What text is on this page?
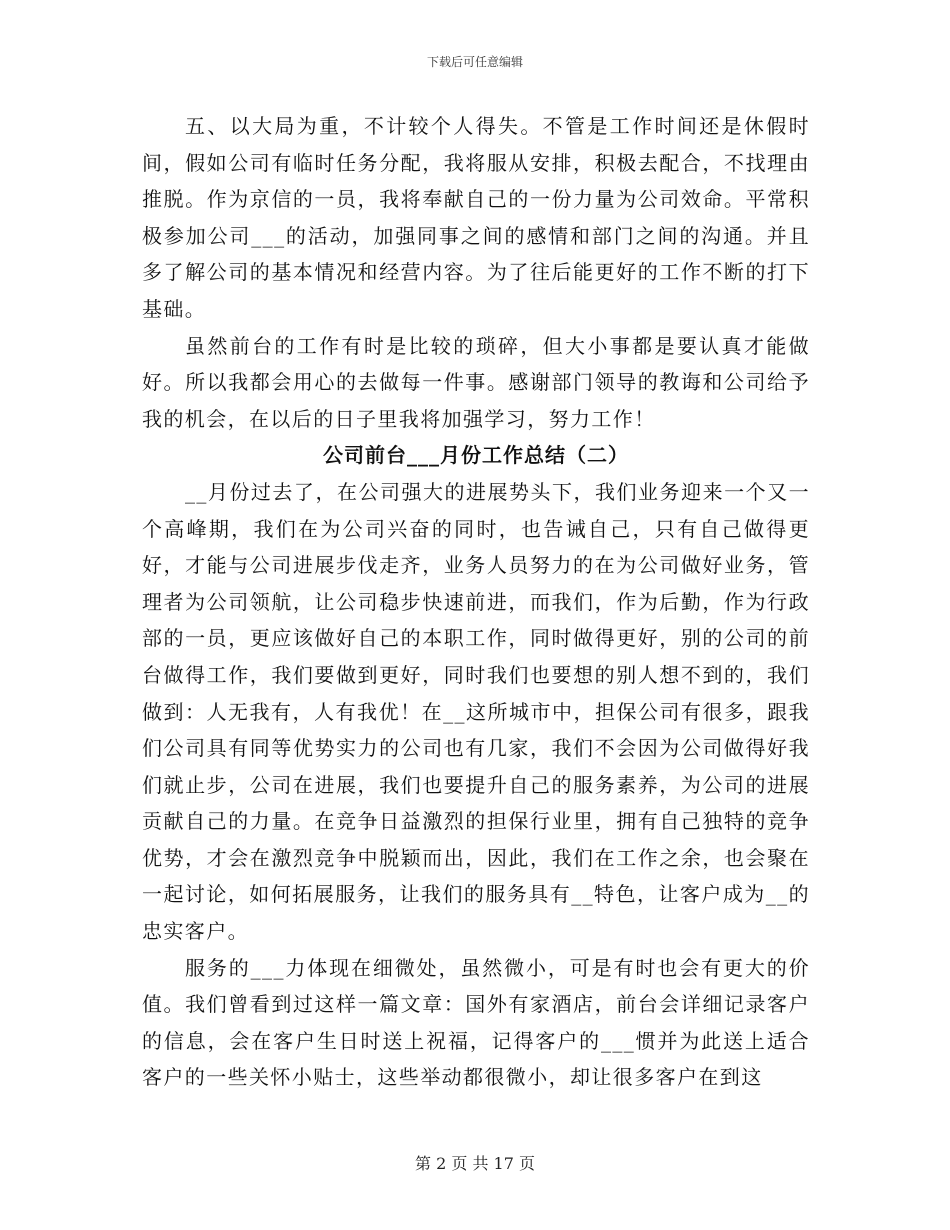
下载后可任意编辑

五、以大局为重，不计较个人得失。不管是工作时间还是休假时间，假如公司有临时任务分配，我将服从安排，积极去配合，不找理由推脱。作为京信的一员，我将奉献自己的一份力量为公司效命。平常积极参加公司___的活动，加强同事之间的感情和部门之间的沟通。并且多了解公司的基本情况和经营内容。为了往后能更好的工作不断的打下基础。

虽然前台的工作有时是比较的琐碎，但大小事都是要认真才能做好。所以我都会用心的去做每一件事。感谢部门领导的教诲和公司给予我的机会，在以后的日子里我将加强学习，努力工作！

公司前台___月份工作总结（二）

__月份过去了，在公司强大的进展势头下，我们业务迎来一个又一个高峰期，我们在为公司兴奋的同时，也告诫自己，只有自己做得更好，才能与公司进展步伐走齐，业务人员努力的在为公司做好业务，管理者为公司领航，让公司稳步快速前进，而我们，作为后勤，作为行政部的一员，更应该做好自己的本职工作，同时做得更好，别的公司的前台做得工作，我们要做到更好，同时我们也要想的别人想不到的，我们做到：人无我有，人有我优！在__这所城市中，担保公司有很多，跟我们公司具有同等优势实力的公司也有几家，我们不会因为公司做得好我们就止步，公司在进展，我们也要提升自己的服务素养，为公司的进展贡献自己的力量。在竞争日益激烈的担保行业里，拥有自己独特的竞争优势，才会在激烈竞争中脱颖而出，因此，我们在工作之余，也会聚在一起讨论，如何拓展服务，让我们的服务具有__特色，让客户成为__的忠实客户。

服务的___力体现在细微处，虽然微小，可是有时也会有更大的价值。我们曾看到过这样一篇文章：国外有家酒店，前台会详细记录客户的信息，会在客户生日时送上祝福，记得客户的___惯并为此送上适合客户的一些关怀小贴士，这些举动都很微小，却让很多客户在到这

第 2 页 共 17 页
